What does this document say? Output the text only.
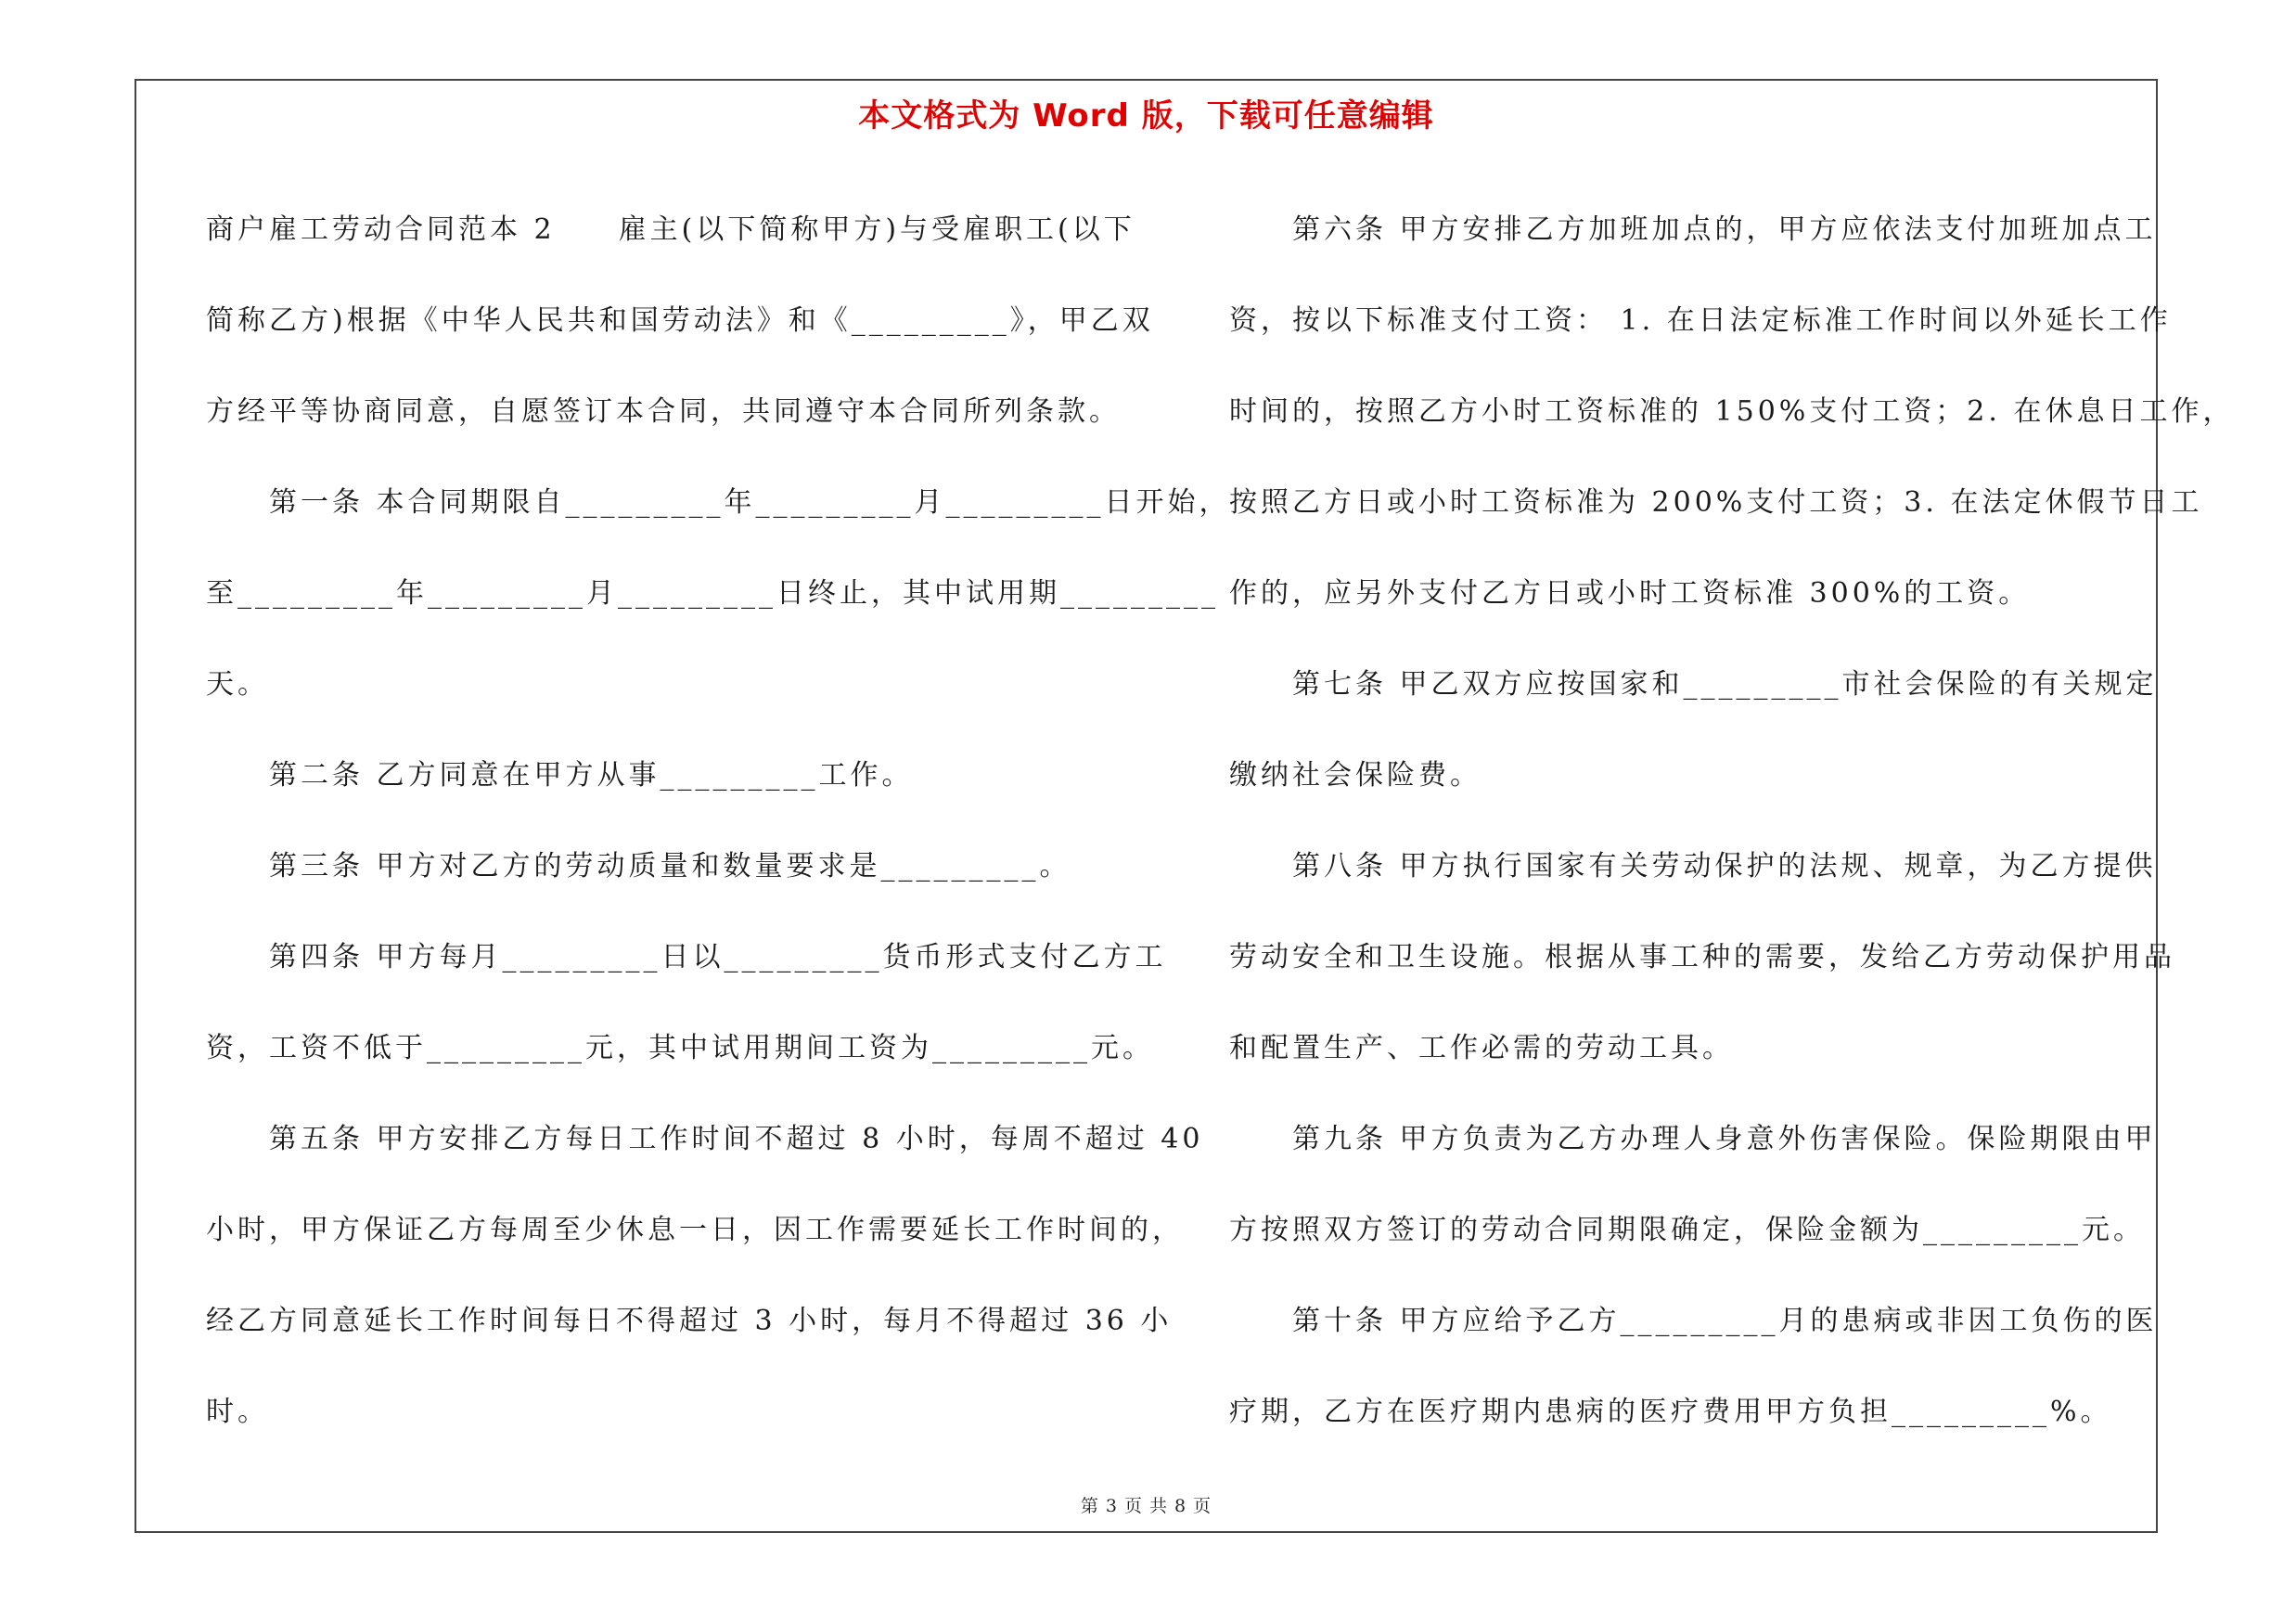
本文格式为 Word 版，下载可任意编辑

商户雇工劳动合同范本 2　　雇主(以下简称甲方)与受雇职工(以下

简称乙方)根据《中华人民共和国劳动法》和《_________》，甲乙双

方经平等协商同意，自愿签订本合同，共同遵守本合同所列条款。

　　第一条 本合同期限自_________年_________月_________日开始，

至_________年_________月_________日终止，其中试用期_________

天。

　　第二条 乙方同意在甲方从事_________工作。

　　第三条 甲方对乙方的劳动质量和数量要求是_________。

　　第四条 甲方每月_________日以_________货币形式支付乙方工

资，工资不低于_________元，其中试用期间工资为_________元。

　　第五条 甲方安排乙方每日工作时间不超过 8 小时，每周不超过 40

小时，甲方保证乙方每周至少休息一日，因工作需要延长工作时间的，

经乙方同意延长工作时间每日不得超过 3 小时，每月不得超过 36 小

时。

　　第六条 甲方安排乙方加班加点的，甲方应依法支付加班加点工

资，按以下标准支付工资： 1. 在日法定标准工作时间以外延长工作

时间的，按照乙方小时工资标准的 150%支付工资；2. 在休息日工作，

按照乙方日或小时工资标准为 200%支付工资；3. 在法定休假节日工

作的，应另外支付乙方日或小时工资标准 300%的工资。

　　第七条 甲乙双方应按国家和_________市社会保险的有关规定

缴纳社会保险费。

　　第八条 甲方执行国家有关劳动保护的法规、规章，为乙方提供

劳动安全和卫生设施。根据从事工种的需要，发给乙方劳动保护用品

和配置生产、工作必需的劳动工具。

　　第九条 甲方负责为乙方办理人身意外伤害保险。保险期限由甲

方按照双方签订的劳动合同期限确定，保险金额为_________元。

　　第十条 甲方应给予乙方_________月的患病或非因工负伤的医

疗期，乙方在医疗期内患病的医疗费用甲方负担_________%。

第 3 页 共 8 页
